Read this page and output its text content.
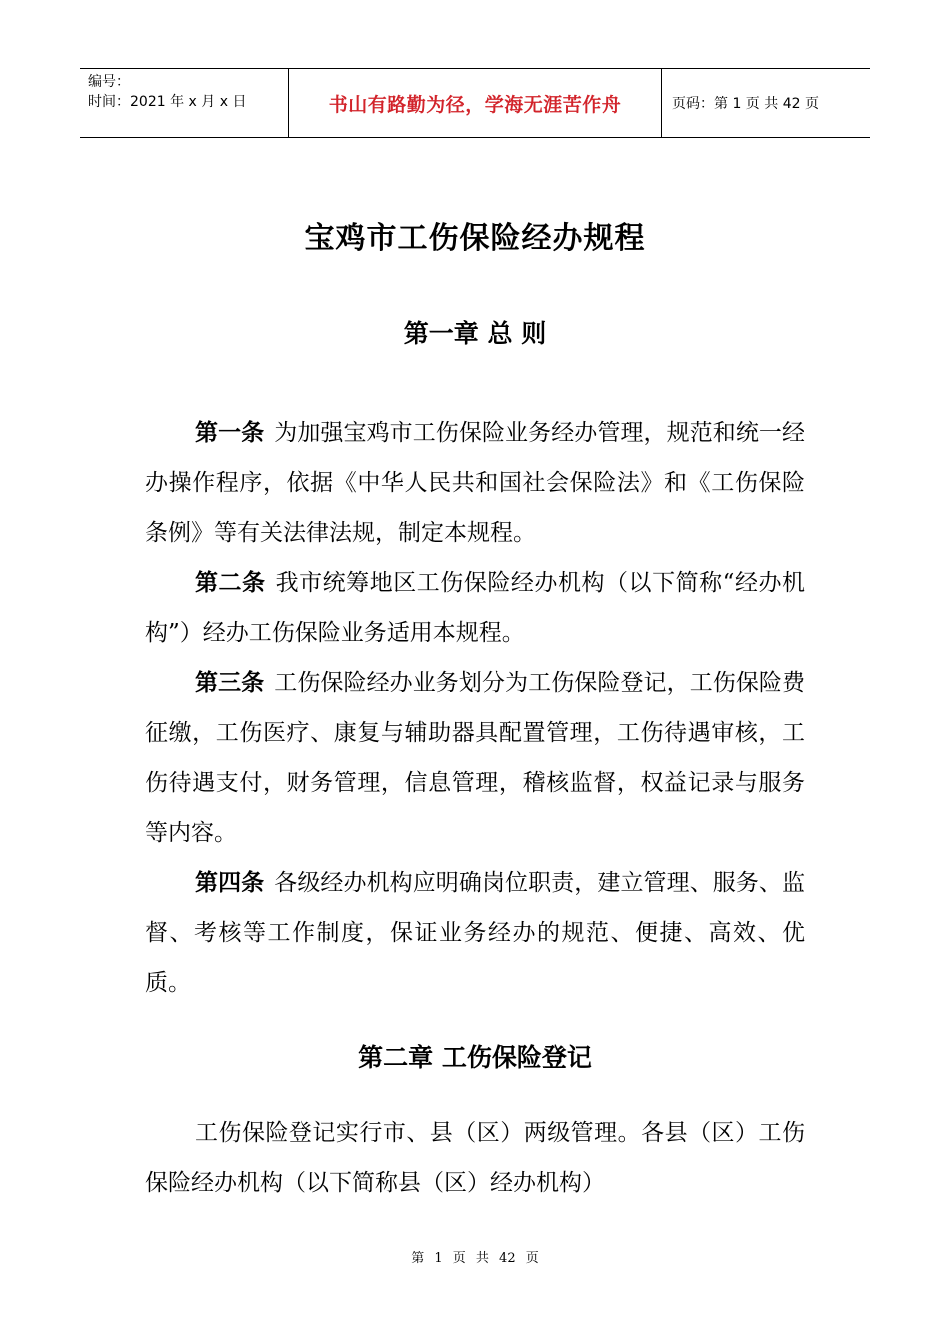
编号：
时间：2021 年 x 月 x 日	书山有路勤为径，学海无涯苦作舟	页码：第 1 页 共 42 页
宝鸡市工伤保险经办规程
第一章 总 则

第一条 为加强宝鸡市工伤保险业务经办管理，规范和统一经办操作程序，依据《中华人民共和国社会保险法》和《工伤保险条例》等有关法律法规，制定本规程。

第二条 我市统筹地区工伤保险经办机构（以下简称“经办机构”）经办工伤保险业务适用本规程。

第三条 工伤保险经办业务划分为工伤保险登记，工伤保险费征缴，工伤医疗、康复与辅助器具配置管理，工伤待遇审核，工伤待遇支付，财务管理，信息管理，稽核监督，权益记录与服务等内容。

第四条 各级经办机构应明确岗位职责，建立管理、服务、监督、考核等工作制度，保证业务经办的规范、便捷、高效、优质。

第二章 工伤保险登记

工伤保险登记实行市、县（区）两级管理。各县（区）工伤保险经办机构（以下简称县（区）经办机构）

第 1 页 共 42 页
